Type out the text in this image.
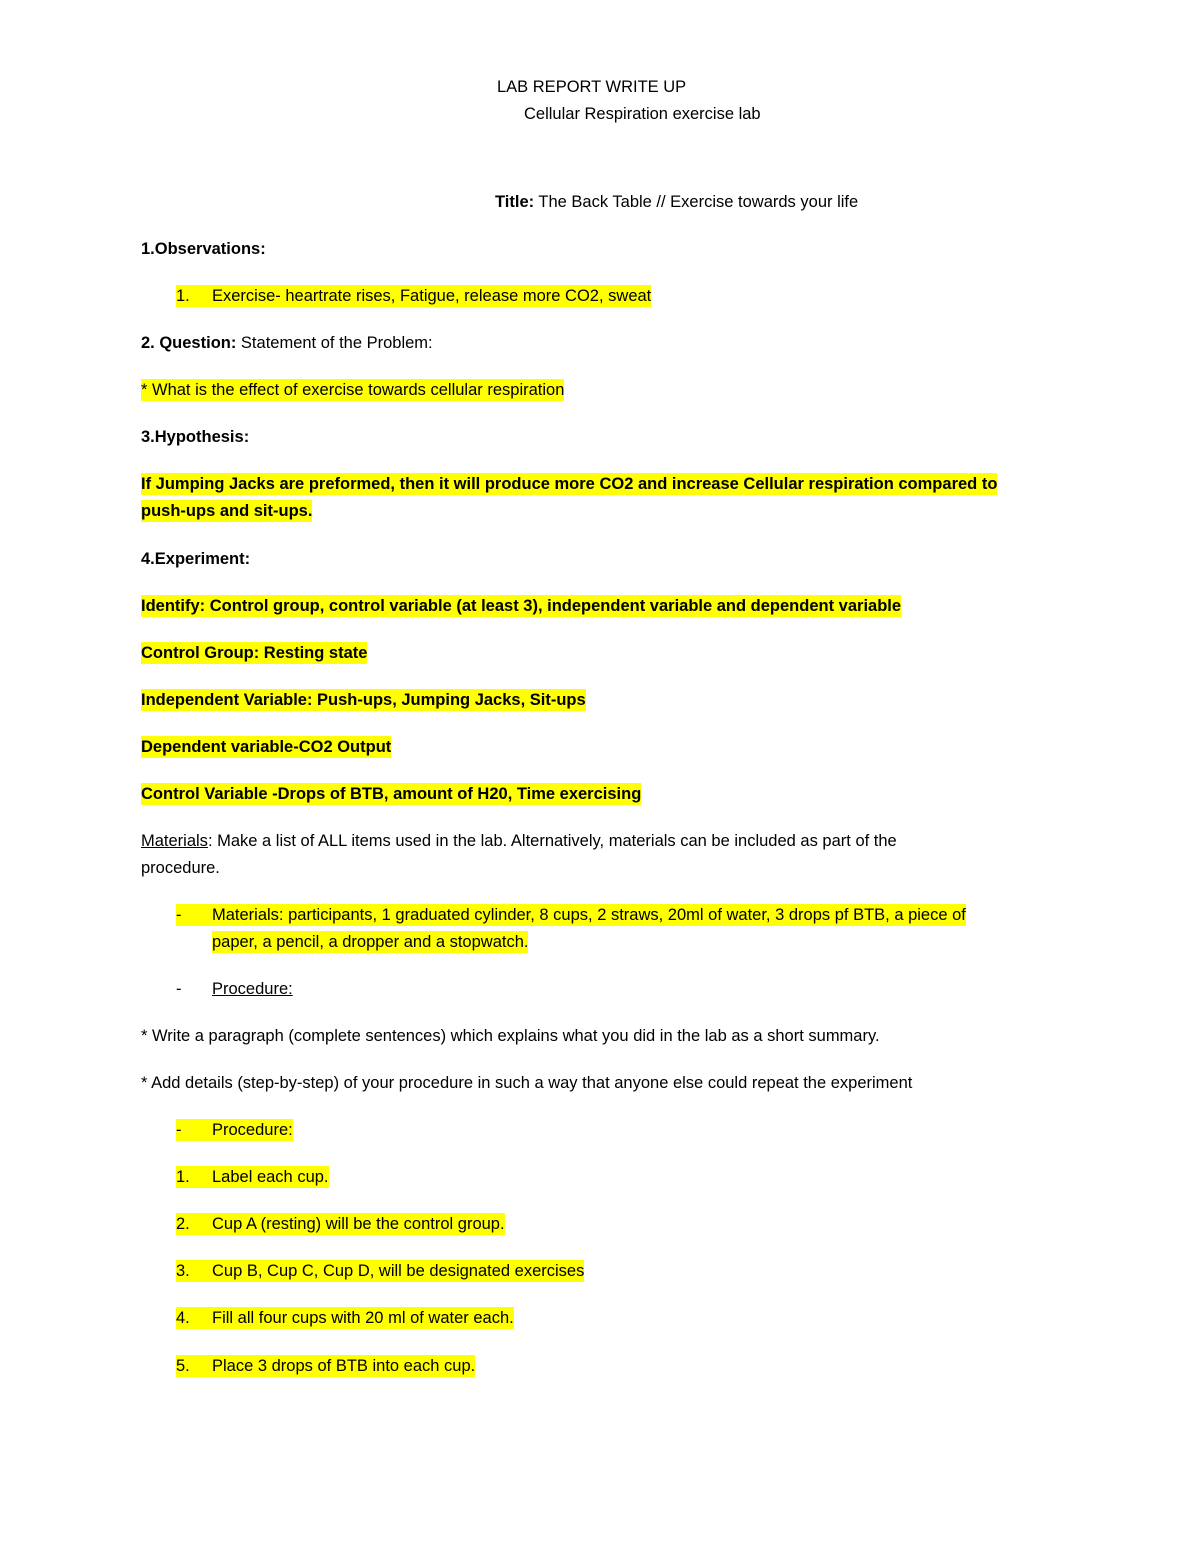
LAB REPORT WRITE UP
Cellular Respiration exercise lab
Title: The Back Table // Exercise towards your life
1.Observations:
1. Exercise- heartrate rises, Fatigue, release more CO2, sweat
2. Question: Statement of the Problem:
* What is the effect of exercise towards cellular respiration
3.Hypothesis:
If Jumping Jacks are preformed, then it will produce more CO2 and increase Cellular respiration compared to
push-ups and sit-ups.
4.Experiment:
Identify: Control group, control variable (at least 3), independent variable and dependent variable
Control Group: Resting state
Independent Variable: Push-ups, Jumping Jacks, Sit-ups
Dependent variable-CO2 Output
Control Variable -Drops of BTB, amount of H20, Time exercising
Materials: Make a list of ALL items used in the lab. Alternatively, materials can be included as part of the
procedure.
- Materials: participants, 1 graduated cylinder, 8 cups, 2 straws, 20ml of water, 3 drops pf BTB, a piece of
paper, a pencil, a dropper and a stopwatch.
- Procedure:
* Write a paragraph (complete sentences) which explains what you did in the lab as a short summary.
* Add details (step-by-step) of your procedure in such a way that anyone else could repeat the experiment
- Procedure:
1. Label each cup.
2. Cup A (resting) will be the control group.
3. Cup B, Cup C, Cup D, will be designated exercises
4. Fill all four cups with 20 ml of water each.
5. Place 3 drops of BTB into each cup.
